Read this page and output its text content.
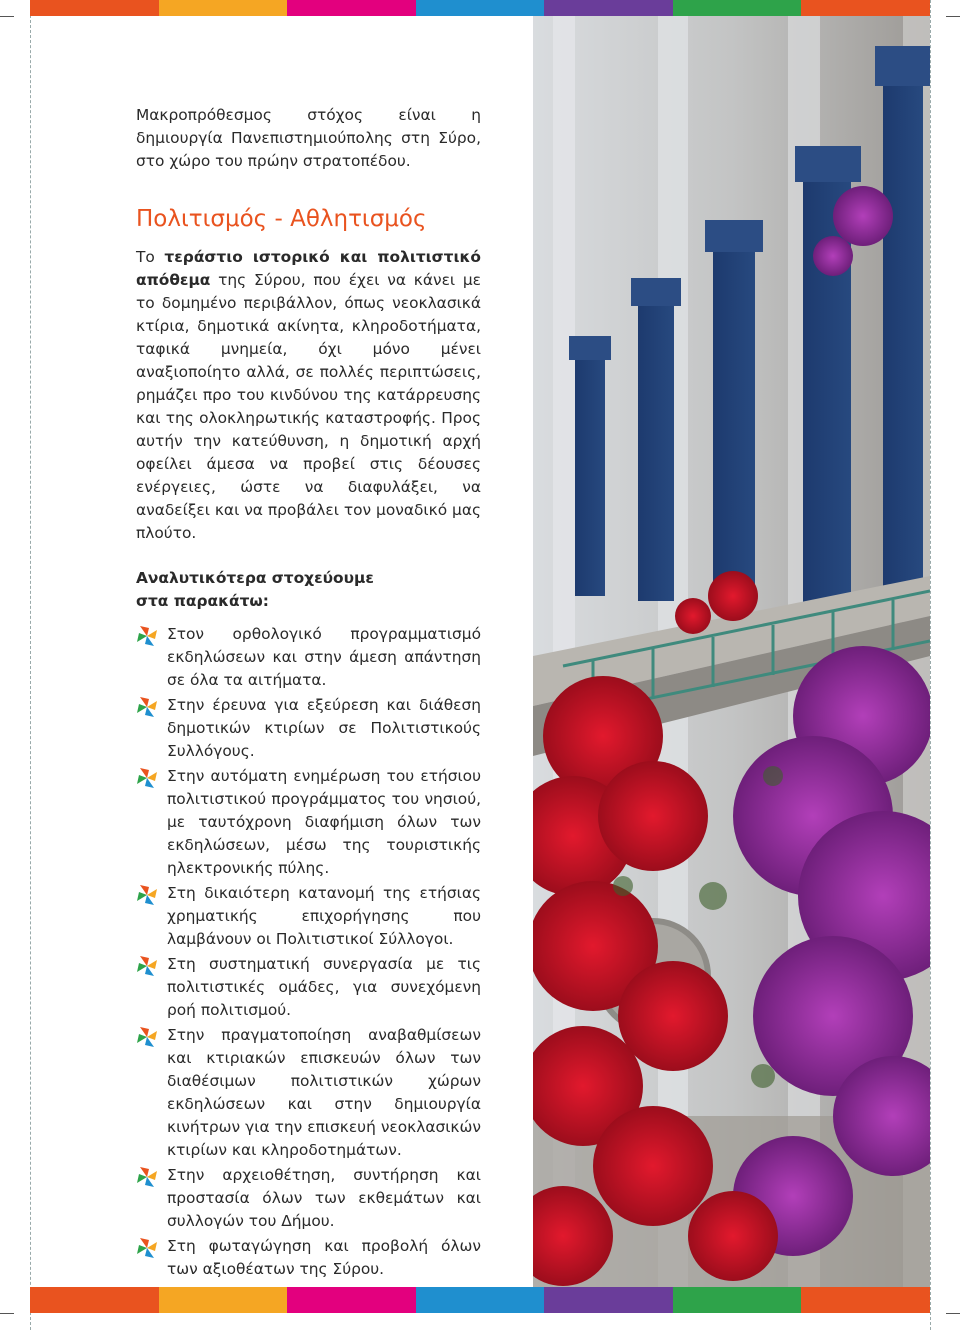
Μακροπρόθεσμος στόχος είναι η δημιουργία Πανεπιστημιούπολης στη Σύρο, στο χώρο του πρώην στρατοπέδου.

Πολιτισμός - Αθλητισμός

Το τεράστιο ιστορικό και πολιτιστικό απόθεμα της Σύρου, που έχει να κάνει με το δομημένο περιβάλλον, όπως νεοκλασικά κτίρια, δημοτικά ακίνητα, κληροδοτήματα, ταφικά μνημεία, όχι μόνο μένει αναξιοποίητο αλλά, σε πολλές περιπτώσεις, ρημάζει προ του κινδύνου της κατάρρευσης και της ολοκληρωτικής καταστροφής. Προς αυτήν την κατεύθυνση, η δημοτική αρχή οφείλει άμεσα να προβεί στις δέουσες ενέργειες, ώστε να διαφυλάξει, να αναδείξει και να προβάλει τον μοναδικό μας πλούτο.

Αναλυτικότερα στοχεύουμε
στα παρακάτω:
Στον ορθολογικό προγραμματισμό εκδηλώσεων και στην άμεση απάντηση σε όλα τα αιτήματα.
Στην έρευνα για εξεύρεση και διάθεση δημοτικών κτιρίων σε Πολιτιστικούς Συλλόγους.
Στην αυτόματη ενημέρωση του ετήσιου πολιτιστικού προγράμματος του νησιού, με ταυτόχρονη διαφήμιση όλων των εκδηλώσεων, μέσω της τουριστικής ηλεκτρονικής πύλης.
Στη δικαιότερη κατανομή της ετήσιας χρηματικής επιχορήγησης που λαμβάνουν οι Πολιτιστικοί Σύλλογοι.
Στη συστηματική συνεργασία με τις πολιτιστικές ομάδες, για συνεχόμενη ροή πολιτισμού.
Στην πραγματοποίηση αναβαθμίσεων και κτιριακών επισκευών όλων των διαθέσιμων πολιτιστικών χώρων εκδηλώσεων και στην δημιουργία κινήτρων για την επισκευή νεοκλασικών κτιρίων και κληροδοτημάτων.
Στην αρχειοθέτηση, συντήρηση και προστασία όλων των εκθεμάτων και συλλογών του Δήμου.
Στη φωταγώγηση και προβολή όλων των αξιοθέατων της Σύρου.
